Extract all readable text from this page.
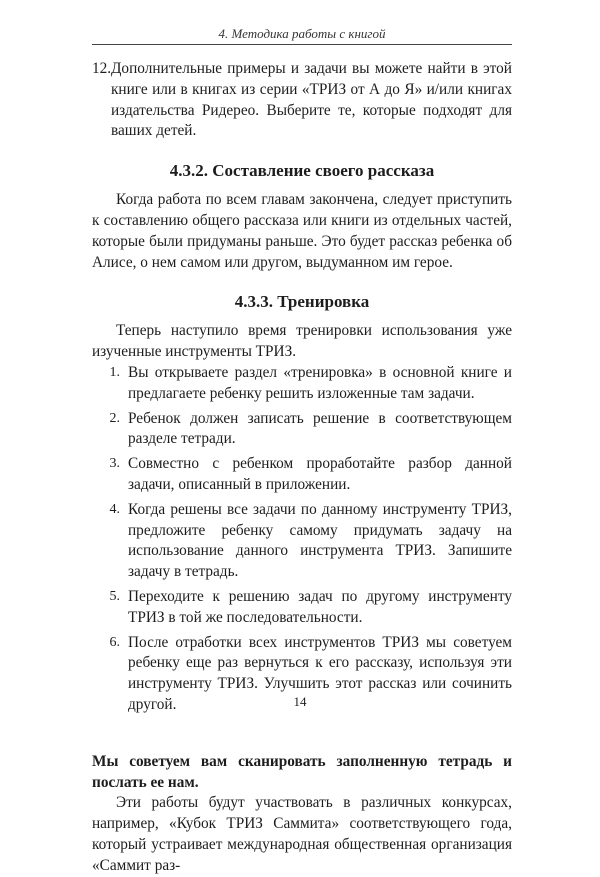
4. Методика работы с книгой
12. Дополнительные примеры и задачи вы можете найти в этой книге или в книгах из серии «ТРИЗ от А до Я» и/или книгах издательства Ридерео. Выберите те, которые подходят для ваших детей.
4.3.2. Составление своего рассказа

Когда работа по всем главам закончена, следует приступить к составлению общего рассказа или книги из отдельных частей, которые были придуманы раньше. Это будет рассказ ребенка об Алисе, о нем самом или другом, выдуманном им герое.

4.3.3. Тренировка

Теперь наступило время тренировки использования уже изученные инструменты ТРИЗ.

1. Вы открываете раздел «тренировка» в основной книге и предлагаете ребенку решить изложенные там задачи.
2. Ребенок должен записать решение в соответствующем разделе тетради.
3. Совместно с ребенком проработайте разбор данной задачи, описанный в приложении.
4. Когда решены все задачи по данному инструменту ТРИЗ, предложите ребенку самому придумать задачу на использование данного инструмента ТРИЗ. Запишите задачу в тетрадь.
5. Переходите к решению задач по другому инструменту ТРИЗ в той же последовательности.
6. После отработки всех инструментов ТРИЗ мы советуем ребенку еще раз вернуться к его рассказу, используя эти инструменту ТРИЗ. Улучшить этот рассказ или сочинить другой.

Мы советуем вам сканировать заполненную тетрадь и послать ее нам.

Эти работы будут участвовать в различных конкурсах, например, «Кубок ТРИЗ Саммита» соответствующего года, который устраивает международная общественная организация «Саммит раз-

14
